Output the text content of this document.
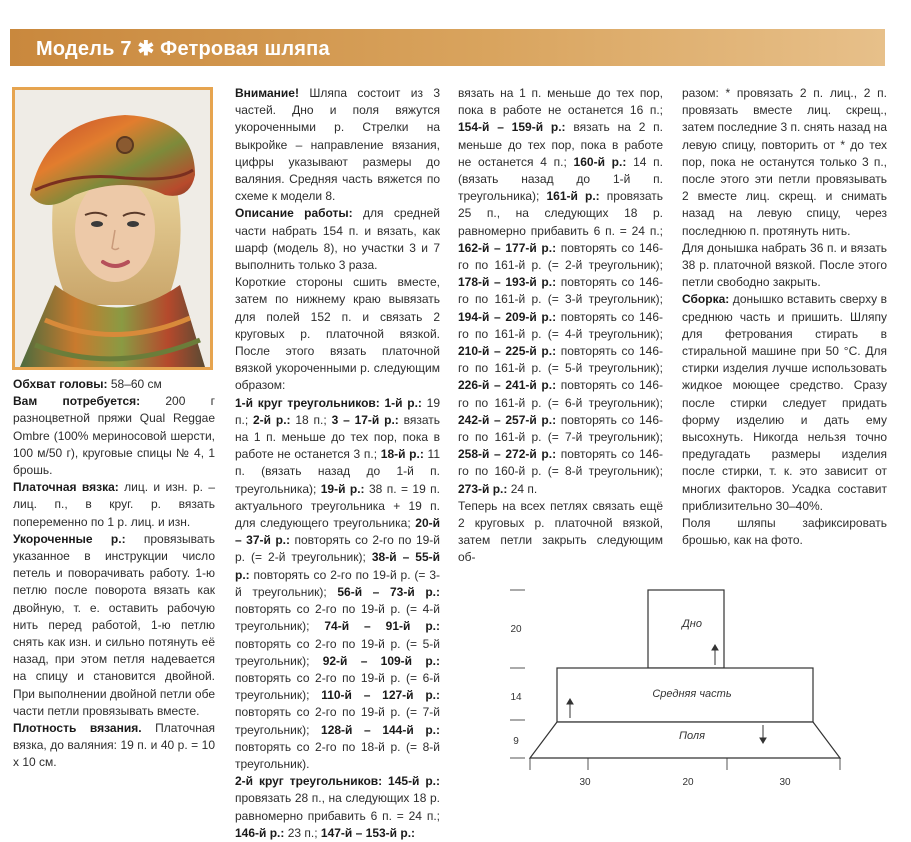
Модель 7 ✱ Фетровая шляпа

Обхват головы: 58–60 см

Вам потребуется: 200 г разноцветной пряжи Qual Reggae Ombre (100% мериносовой шерсти, 100 м/50 г), круговые спицы № 4, 1 брошь.

Платочная вязка: лиц. и изн. р. – лиц. п., в круг. р. вязать попеременно по 1 р. лиц. и изн.

Укороченные р.: провязывать указанное в инструкции число петель и поворачивать работу. 1-ю петлю после поворота вязать как двойную, т. е. оставить рабочую нить перед работой, 1-ю петлю снять как изн. и сильно потянуть её назад, при этом петля надевается на спицу и становится двойной. При выполнении двойной петли обе части петли провязывать вместе.

Плотность вязания. Платочная вязка, до валяния: 19 п. и 40 р. = 10 х 10 см.

Внимание! Шляпа состоит из 3 частей. Дно и поля вяжутся укороченными р. Стрелки на выкройке – направление вязания, цифры указывают размеры до валяния. Средняя часть вяжется по схеме к модели 8.

Описание работы: для средней части набрать 154 п. и вязать, как шарф (модель 8), но участки 3 и 7 выполнить только 3 раза.

Короткие стороны сшить вместе, затем по нижнему краю вывязать для полей 152 п. и связать 2 круговых р. платочной вязкой. После этого вязать платочной вязкой укороченными р. следующим образом:

1-й круг треугольников: 1-й р.: 19 п.; 2-й р.: 18 п.; 3 – 17-й р.: вязать на 1 п. меньше до тех пор, пока в работе не останется 3 п.; 18-й р.: 11 п. (вязать назад до 1-й п. треугольника); 19-й р.: 38 п. = 19 п. актуального треугольника + 19 п. для следующего треугольника; 20-й – 37-й р.: повторять со 2-го по 19-й р. (= 2-й треугольник); 38-й – 55-й р.: повторять со 2-го по 19-й р. (= 3-й треугольник); 56-й – 73-й р.: повторять со 2-го по 19-й р. (= 4-й треугольник); 74-й – 91-й р.: повторять со 2-го по 19-й р. (= 5-й треугольник); 92-й – 109-й р.: повторять со 2-го по 19-й р. (= 6-й треугольник); 110-й – 127-й р.: повторять со 2-го по 19-й р. (= 7-й треугольник); 128-й – 144-й р.: повторять со 2-го по 18-й р. (= 8-й треугольник).

2-й круг треугольников: 145-й р.: провязать 28 п., на следующих 18 р. равномерно прибавить 6 п. = 24 п.; 146-й р.: 23 п.; 147-й – 153-й р.:

вязать на 1 п. меньше до тех пор, пока в работе не останется 16 п.; 154-й – 159-й р.: вязать на 2 п. меньше до тех пор, пока в работе не останется 4 п.; 160-й р.: 14 п. (вязать назад до 1-й п. треугольника); 161-й р.: провязать 25 п., на следующих 18 р. равномерно прибавить 6 п. = 24 п.; 162-й – 177-й р.: повторять со 146-го по 161-й р. (= 2-й треугольник); 178-й – 193-й р.: повторять со 146-го по 161-й р. (= 3-й треугольник); 194-й – 209-й р.: повторять со 146-го по 161-й р. (= 4-й треугольник); 210-й – 225-й р.: повторять со 146-го по 161-й р. (= 5-й треугольник); 226-й – 241-й р.: повторять со 146-го по 161-й р. (= 6-й треугольник); 242-й – 257-й р.: повторять со 146-го по 161-й р. (= 7-й треугольник); 258-й – 272-й р.: повторять со 146-го по 160-й р. (= 8-й треугольник); 273-й р.: 24 п.

Теперь на всех петлях связать ещё 2 круговых р. платочной вязкой, затем петли закрыть следующим об-

разом: * провязать 2 п. лиц., 2 п. провязать вместе лиц. скрещ., затем последние 3 п. снять назад на левую спицу, повторить от * до тех пор, пока не останутся только 3 п., после этого эти петли провязывать 2 вместе лиц. скрещ. и снимать назад на левую спицу, через последнюю п. протянуть нить.

Для донышка набрать 36 п. и вязать 38 р. платочной вязкой. После этого петли свободно закрыть.

Сборка: донышко вставить сверху в среднюю часть и пришить. Шляпу для фетрования стирать в стиральной машине при 50 °С. Для стирки изделия лучше использовать жидкое моющее средство. Сразу после стирки следует придать форму изделию и дать ему высохнуть. Никогда нельзя точно предугадать размеры изделия после стирки, т. к. это зависит от многих факторов. Усадка составит приблизительно 30–40%.

Поля шляпы зафиксировать брошью, как на фото.

Дно
Средняя часть
Поля
20
14
9
30	20	30
